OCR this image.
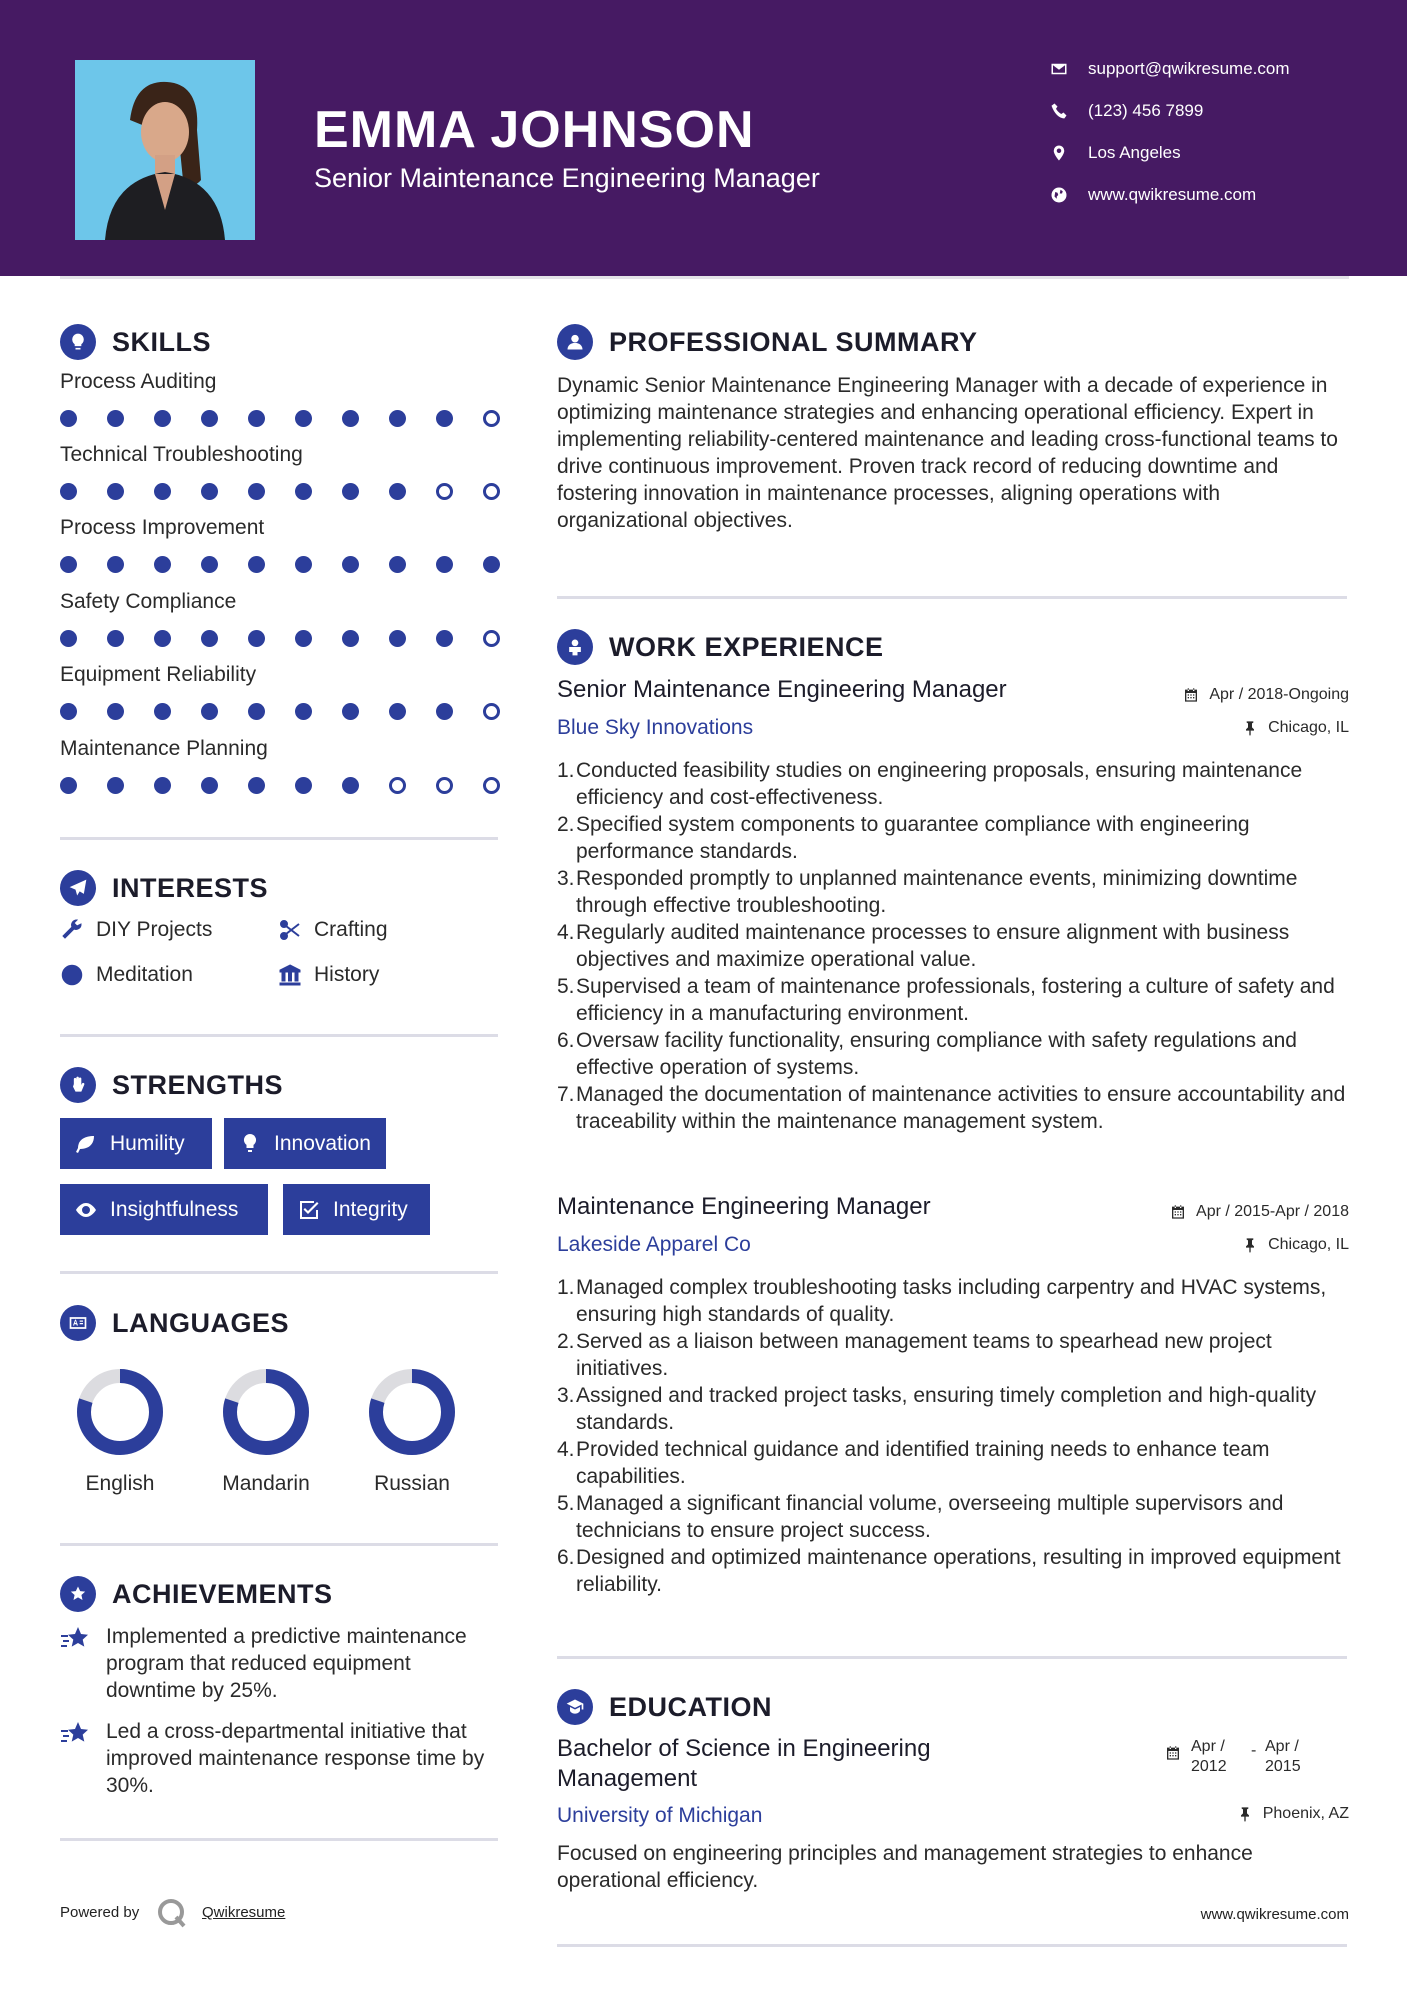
EMMA JOHNSON
Senior Maintenance Engineering Manager
support@qwikresume.com
(123) 456 7899
Los Angeles
www.qwikresume.com
SKILLS
Process Auditing
Technical Troubleshooting
Process Improvement
Safety Compliance
Equipment Reliability
Maintenance Planning
INTERESTS
DIY Projects	Crafting
Meditation	History
STRENGTHS
Humility	Innovation
Insightfulness	Integrity
LANGUAGES
English	Mandarin	Russian
ACHIEVEMENTS
Implemented a predictive maintenance program that reduced equipment downtime by 25%.
Led a cross-departmental initiative that improved maintenance response time by 30%.
Powered by	Qwikresume
PROFESSIONAL SUMMARY
Dynamic Senior Maintenance Engineering Manager with a decade of experience in optimizing maintenance strategies and enhancing operational efficiency. Expert in implementing reliability-centered maintenance and leading cross-functional teams to drive continuous improvement. Proven track record of reducing downtime and fostering innovation in maintenance processes, aligning operations with organizational objectives.
WORK EXPERIENCE
Senior Maintenance Engineering Manager	Apr / 2018-Ongoing
Blue Sky Innovations	Chicago, IL
1. Conducted feasibility studies on engineering proposals, ensuring maintenance efficiency and cost-effectiveness.
2. Specified system components to guarantee compliance with engineering performance standards.
3. Responded promptly to unplanned maintenance events, minimizing downtime through effective troubleshooting.
4. Regularly audited maintenance processes to ensure alignment with business objectives and maximize operational value.
5. Supervised a team of maintenance professionals, fostering a culture of safety and efficiency in a manufacturing environment.
6. Oversaw facility functionality, ensuring compliance with safety regulations and effective operation of systems.
7. Managed the documentation of maintenance activities to ensure accountability and traceability within the maintenance management system.
Maintenance Engineering Manager	Apr / 2015-Apr / 2018
Lakeside Apparel Co	Chicago, IL
1. Managed complex troubleshooting tasks including carpentry and HVAC systems, ensuring high standards of quality.
2. Served as a liaison between management teams to spearhead new project initiatives.
3. Assigned and tracked project tasks, ensuring timely completion and high-quality standards.
4. Provided technical guidance and identified training needs to enhance team capabilities.
5. Managed a significant financial volume, overseeing multiple supervisors and technicians to ensure project success.
6. Designed and optimized maintenance operations, resulting in improved equipment reliability.
EDUCATION
Bachelor of Science in Engineering Management
Apr / 2012
- Apr / 2015
University of Michigan	Phoenix, AZ
Focused on engineering principles and management strategies to enhance operational efficiency.
www.qwikresume.com
